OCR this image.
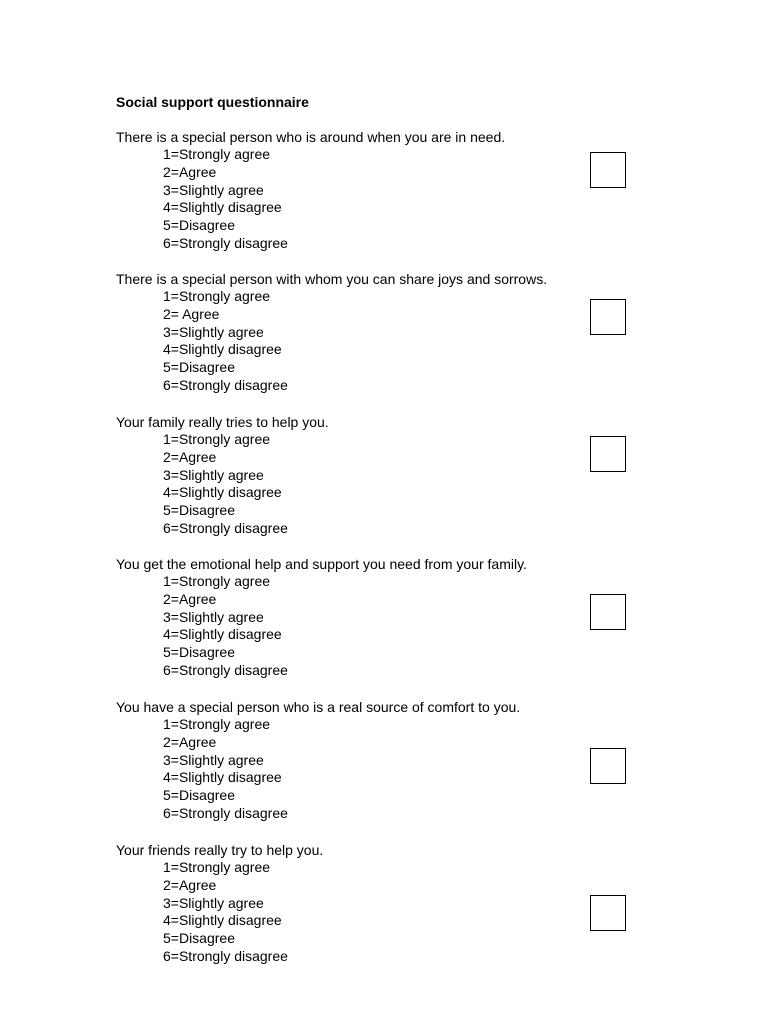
Social support questionnaire
There is a special person who is around when you are in need.
1=Strongly agree
2=Agree
3=Slightly agree
4=Slightly disagree
5=Disagree
6=Strongly disagree
There is a special person with whom you can share joys and sorrows.
1=Strongly agree
2= Agree
3=Slightly agree
4=Slightly disagree
5=Disagree
6=Strongly disagree
Your family really tries to help you.
1=Strongly agree
2=Agree
3=Slightly agree
4=Slightly disagree
5=Disagree
6=Strongly disagree
You get the emotional help and support you need from your family.
1=Strongly agree
2=Agree
3=Slightly agree
4=Slightly disagree
5=Disagree
6=Strongly disagree
You have a special person who is a real source of comfort to you.
1=Strongly agree
2=Agree
3=Slightly agree
4=Slightly disagree
5=Disagree
6=Strongly disagree
Your friends really try to help you.
1=Strongly agree
2=Agree
3=Slightly agree
4=Slightly disagree
5=Disagree
6=Strongly disagree
